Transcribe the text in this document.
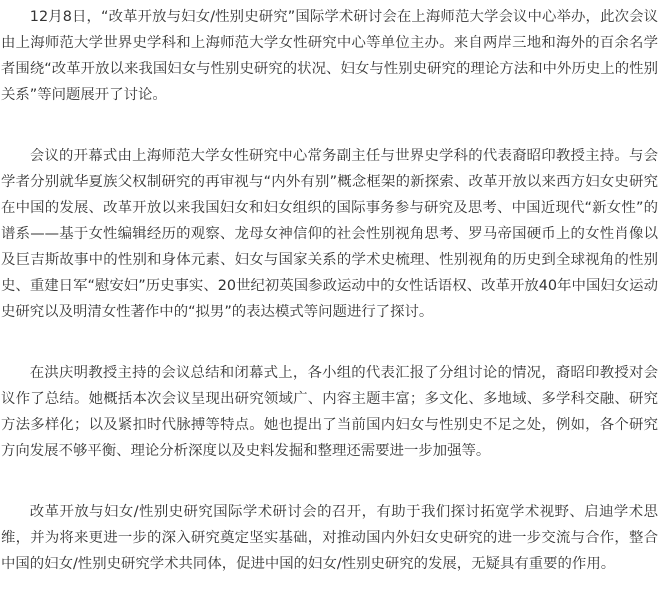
12月8日，“改革开放与妇女/性别史研究”国际学术研讨会在上海师范大学会议中心举办，此次会议由上海师范大学世界史学科和上海师范大学女性研究中心等单位主办。来自两岸三地和海外的百余名学者围绕“改革开放以来我国妇女与性别史研究的状况、妇女与性别史研究的理论方法和中外历史上的性别关系”等问题展开了讨论。

会议的开幕式由上海师范大学女性研究中心常务副主任与世界史学科的代表裔昭印教授主持。与会学者分别就华夏族父权制研究的再审视与“内外有别”概念框架的新探索、改革开放以来西方妇女史研究在中国的发展、改革开放以来我国妇女和妇女组织的国际事务参与研究及思考、中国近现代“新女性”的谱系——基于女性编辑经历的观察、龙母女神信仰的社会性别视角思考、罗马帝国硬币上的女性肖像以及巨吉斯故事中的性别和身体元素、妇女与国家关系的学术史梳理、性别视角的历史到全球视角的性别史、重建日军“慰安妇”历史事实、20世纪初英国参政运动中的女性话语权、改革开放40年中国妇女运动史研究以及明清女性著作中的“拟男”的表达模式等问题进行了探讨。

在洪庆明教授主持的会议总结和闭幕式上，各小组的代表汇报了分组讨论的情况，裔昭印教授对会议作了总结。她概括本次会议呈现出研究领域广、内容主题丰富；多文化、多地域、多学科交融、研究方法多样化；以及紧扣时代脉搏等特点。她也提出了当前国内妇女与性别史不足之处，例如，各个研究方向发展不够平衡、理论分析深度以及史料发掘和整理还需要进一步加强等。

改革开放与妇女/性别史研究国际学术研讨会的召开，有助于我们探讨拓宽学术视野、启迪学术思维，并为将来更进一步的深入研究奠定坚实基础，对推动国内外妇女史研究的进一步交流与合作，整合中国的妇女/性别史研究学术共同体，促进中国的妇女/性别史研究的发展，无疑具有重要的作用。
